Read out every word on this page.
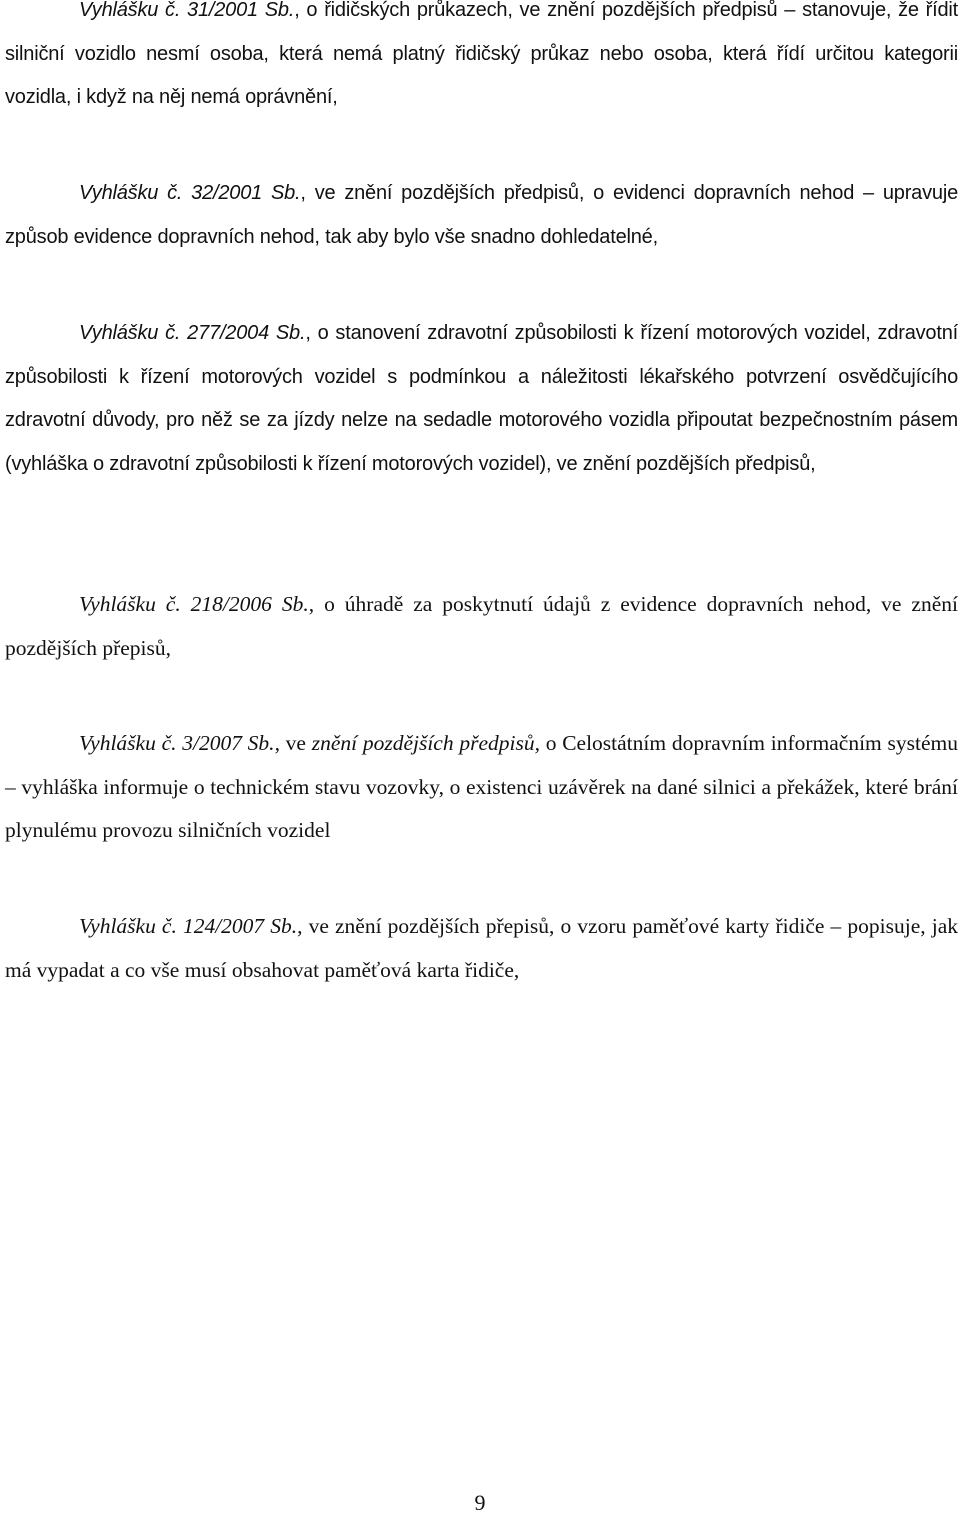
Vyhlášku č. 31/2001 Sb., o řidičských průkazech, ve znění pozdějších předpisů – stanovuje, že řídit silniční vozidlo nesmí osoba, která nemá platný řidičský průkaz nebo osoba, která řídí určitou kategorii vozidla, i když na něj nemá oprávnění,

Vyhlášku č. 32/2001 Sb., ve znění pozdějších předpisů, o evidenci dopravních nehod – upravuje způsob evidence dopravních nehod, tak aby bylo vše snadno dohledatelné,

Vyhlášku č. 277/2004 Sb., o stanovení zdravotní způsobilosti k řízení motorových vozidel, zdravotní způsobilosti k řízení motorových vozidel s podmínkou a náležitosti lékařského potvrzení osvědčujícího zdravotní důvody, pro něž se za jízdy nelze na sedadle motorového vozidla připoutat bezpečnostním pásem (vyhláška o zdravotní způsobilosti k řízení motorových vozidel), ve znění pozdějších předpisů,

Vyhlášku č. 218/2006 Sb., o úhradě za poskytnutí údajů z evidence dopravních nehod, ve znění pozdějších přepisů,

Vyhlášku č. 3/2007 Sb., ve znění pozdějších předpisů, o Celostátním dopravním informačním systému – vyhláška informuje o technickém stavu vozovky, o existenci uzávěrek na dané silnici a překážek, které brání plynulému provozu silničních vozidel

Vyhlášku č. 124/2007 Sb., ve znění pozdějších přepisů, o vzoru paměťové karty řidiče – popisuje, jak má vypadat a co vše musí obsahovat paměťová karta řidiče,

9
